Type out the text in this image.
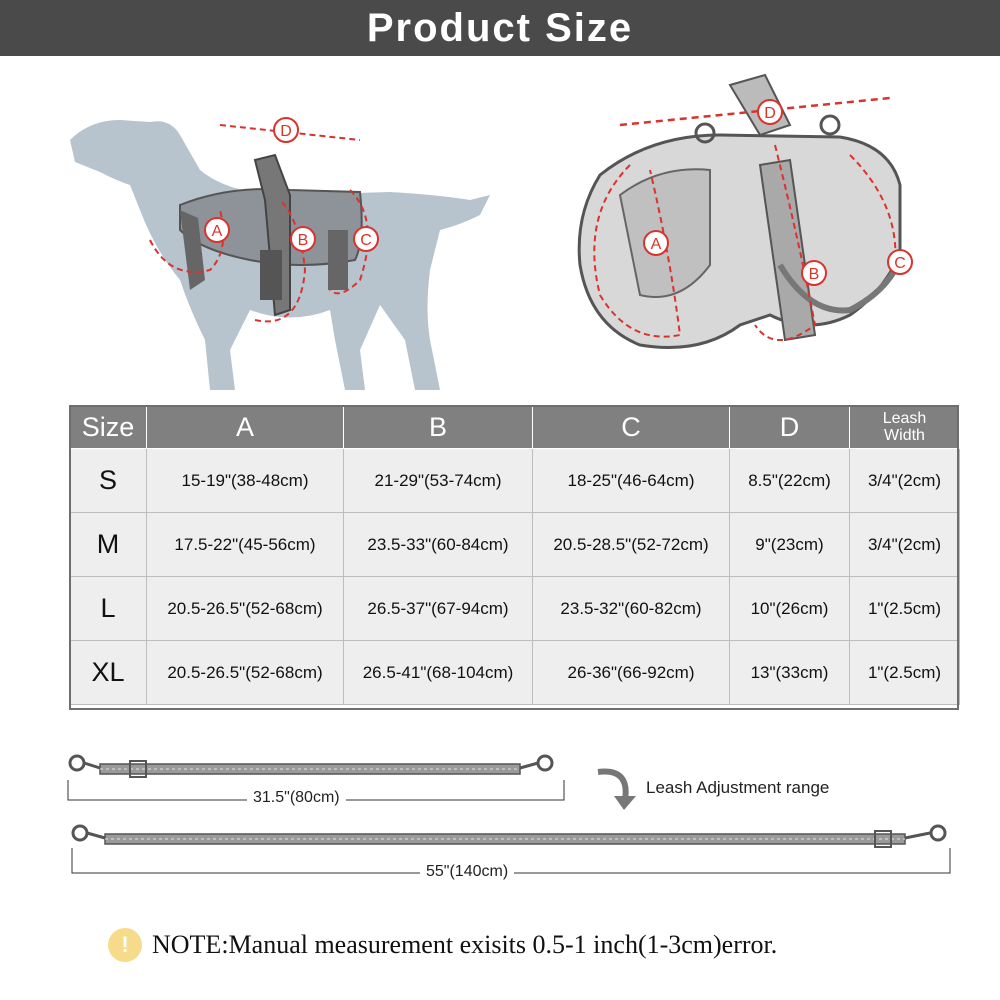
Product Size
D
A
B	C
D
A
B
C
Size	A	B	C	D	Leash
Width
S	15-19"(38-48cm)	21-29"(53-74cm)	18-25"(46-64cm)	8.5"(22cm)	3/4"(2cm)
M	17.5-22"(45-56cm)	23.5-33"(60-84cm)	20.5-28.5"(52-72cm)	9"(23cm)	3/4"(2cm)
L	20.5-26.5"(52-68cm)	26.5-37"(67-94cm)	23.5-32"(60-82cm)	10"(26cm)	1"(2.5cm)
XL	20.5-26.5"(52-68cm)	26.5-41"(68-104cm)	26-36"(66-92cm)	13"(33cm)	1"(2.5cm)
31.5"(80cm)
55"(140cm)
Leash Adjustment range
! NOTE:Manual measurement exisits 0.5-1 inch(1-3cm)error.
